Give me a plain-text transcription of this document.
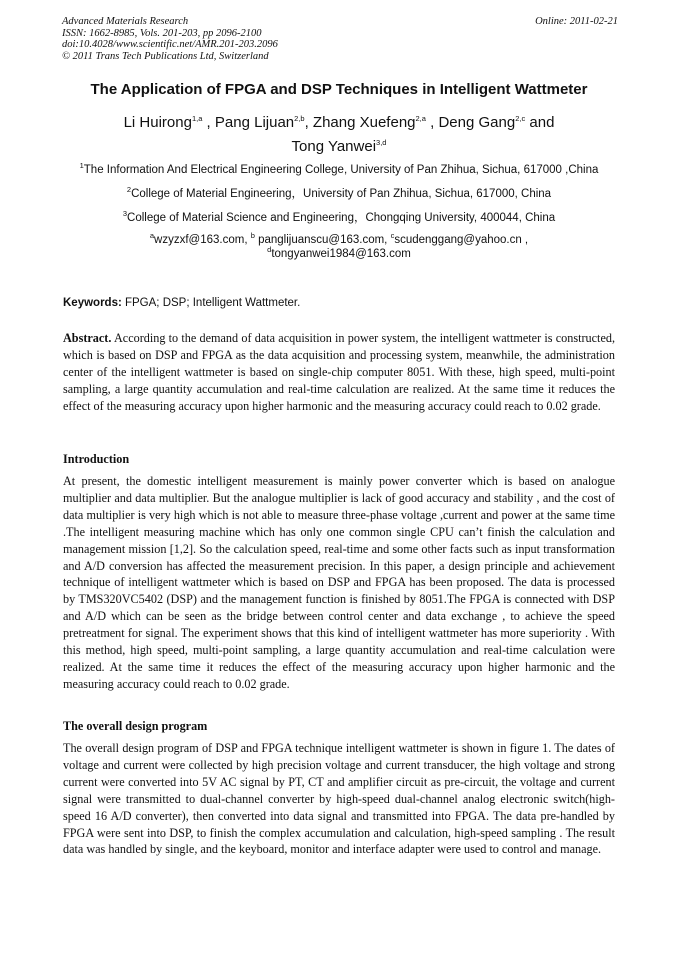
Advanced Materials Research
ISSN: 1662-8985, Vols. 201-203, pp 2096-2100
doi:10.4028/www.scientific.net/AMR.201-203.2096
© 2011 Trans Tech Publications Ltd, Switzerland
Online: 2011-02-21
The Application of FPGA and DSP Techniques in Intelligent Wattmeter
Li Huirong$^{1,a}$ , Pang Lijuan$^{2,b}$, Zhang Xuefeng$^{2,a}$ , Deng Gang$^{2,c}$ and
Tong Yanwei$^{3,d}$

$^1$The Information And Electrical Engineering College, University of Pan Zhihua, Sichua, 617000 ,China

$^2$College of Material Engineering，University of Pan Zhihua, Sichua, 617000, China

$^3$College of Material Science and Engineering，Chongqing University, 400044, China

$^a$wzyzxf@163.com, $^b$ panglijuanscu@163.com, $^c$scudenggang@yahoo.cn ,
$^d$tongyanwei1984@163.com

Keywords: FPGA; DSP; Intelligent Wattmeter.

Abstract. According to the demand of data acquisition in power system, the intelligent wattmeter is constructed, which is based on DSP and FPGA as the data acquisition and processing system, meanwhile, the administration center of the intelligent wattmeter is based on single-chip computer 8051. With these, high speed, multi-point sampling, a large quantity accumulation and real-time calculation are realized. At the same time it reduces the effect of the measuring accuracy upon higher harmonic and the measuring accuracy could reach to 0.02 grade.

Introduction

At present, the domestic intelligent measurement is mainly power converter which is based on analogue multiplier and data multiplier. But the analogue multiplier is lack of good accuracy and stability , and the cost of data multiplier is very high which is not able to measure three-phase voltage ,current and power at the same time .The intelligent measuring machine which has only one common single CPU can’t finish the calculation and management mission [1,2]. So the calculation speed, real-time and some other facts such as input transformation and A/D conversion has affected the measurement precision. In this paper, a design principle and achievement technique of intelligent wattmeter which is based on DSP and FPGA has been proposed. The data is processed by TMS320VC5402 (DSP) and the management function is finished by 8051.The FPGA is connected with DSP and A/D which can be seen as the bridge between control center and data exchange , to achieve the speed pretreatment for signal. The experiment shows that this kind of intelligent wattmeter has more superiority . With this method, high speed, multi-point sampling, a large quantity accumulation and real-time calculation were realized. At the same time it reduces the effect of the measuring accuracy upon higher harmonic and the measuring accuracy could reach to 0.02 grade.

The overall design program

The overall design program of DSP and FPGA technique intelligent wattmeter is shown in figure 1. The dates of voltage and current were collected by high precision voltage and current transducer, the high voltage and strong current were converted into 5V AC signal by PT, CT and amplifier circuit as pre-circuit, the voltage and current signal were transmitted to dual-channel converter by high-speed dual-channel analog electronic switch(high-speed 16 A/D converter), then converted into data signal and transmitted into FPGA. The data pre-handled by FPGA were sent into DSP, to finish the complex accumulation and calculation, high-speed sampling . The result data was handled by single, and the keyboard, monitor and interface adapter were used to control and manage.
